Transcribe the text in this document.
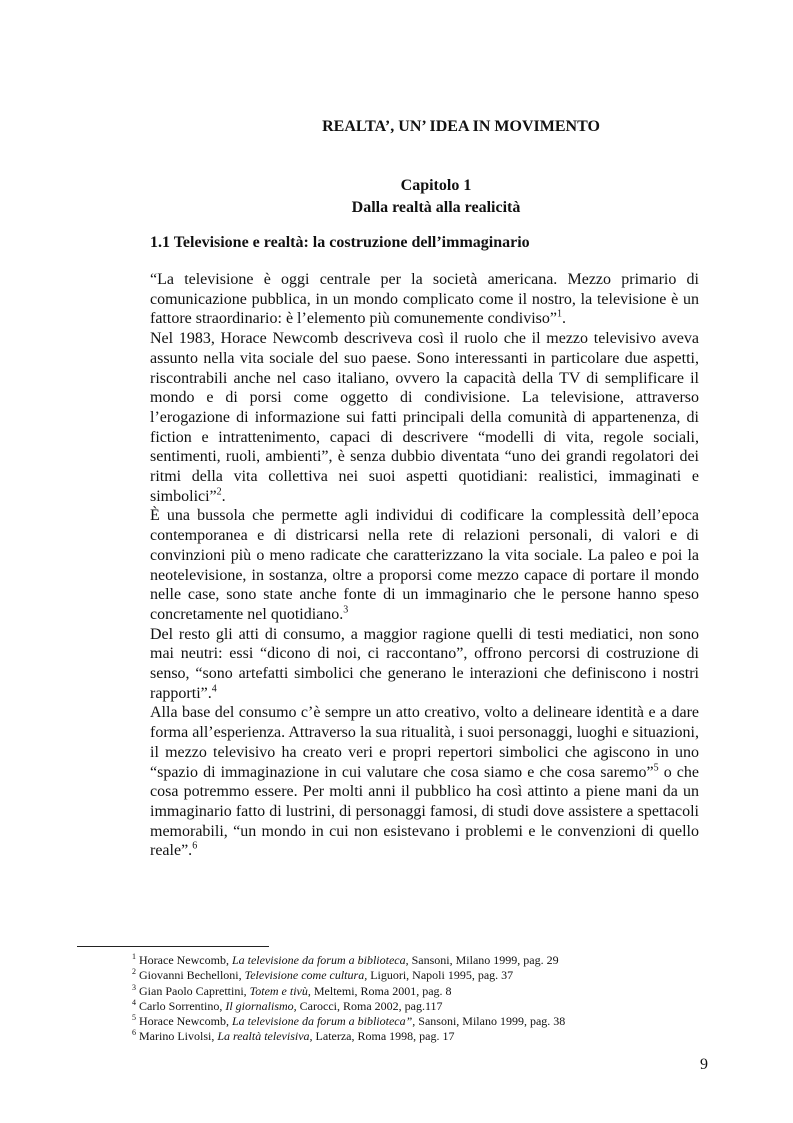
REALTA’, UN’ IDEA IN MOVIMENTO
Capitolo 1
Dalla realtà alla realicità
1.1 Televisione e realtà: la costruzione dell’immaginario

“La televisione è oggi centrale per la società americana. Mezzo primario di comunicazione pubblica, in un mondo complicato come il nostro, la televisione è un fattore straordinario: è l’elemento più comunemente condiviso”$^1$.

Nel 1983, Horace Newcomb descriveva così il ruolo che il mezzo televisivo aveva assunto nella vita sociale del suo paese. Sono interessanti in particolare due aspetti, riscontrabili anche nel caso italiano, ovvero la capacità della TV di semplificare il mondo e di porsi come oggetto di condivisione. La televisione, attraverso l’erogazione di informazione sui fatti principali della comunità di appartenenza, di fiction e intrattenimento, capaci di descrivere “modelli di vita, regole sociali, sentimenti, ruoli, ambienti”, è senza dubbio diventata “uno dei grandi regolatori dei ritmi della vita collettiva nei suoi aspetti quotidiani: realistici, immaginati e simbolici”$^2$.

È una bussola che permette agli individui di codificare la complessità dell’epoca contemporanea e di districarsi nella rete di relazioni personali, di valori e di convinzioni più o meno radicate che caratterizzano la vita sociale. La paleo e poi la neotelevisione, in sostanza, oltre a proporsi come mezzo capace di portare il mondo nelle case, sono state anche fonte di un immaginario che le persone hanno speso concretamente nel quotidiano.$^3$

Del resto gli atti di consumo, a maggior ragione quelli di testi mediatici, non sono mai neutri: essi “dicono di noi, ci raccontano”, offrono percorsi di costruzione di senso, “sono artefatti simbolici che generano le interazioni che definiscono i nostri rapporti”.$^4$

Alla base del consumo c’è sempre un atto creativo, volto a delineare identità e a dare forma all’esperienza. Attraverso la sua ritualità, i suoi personaggi, luoghi e situazioni, il mezzo televisivo ha creato veri e propri repertori simbolici che agiscono in uno “spazio di immaginazione in cui valutare che cosa siamo e che cosa saremo”$^5$ o che cosa potremmo essere. Per molti anni il pubblico ha così attinto a piene mani da un immaginario fatto di lustrini, di personaggi famosi, di studi dove assistere a spettacoli memorabili, “un mondo in cui non esistevano i problemi e le convenzioni di quello reale”.$^6$

$^1$ Horace Newcomb, La televisione da forum a biblioteca, Sansoni, Milano 1999, pag. 29
$^2$ Giovanni Bechelloni, Televisione come cultura, Liguori, Napoli 1995, pag. 37
$^3$ Gian Paolo Caprettini, Totem e tivù, Meltemi, Roma 2001, pag. 8
$^4$ Carlo Sorrentino, Il giornalismo, Carocci, Roma 2002, pag.117
$^5$ Horace Newcomb, La televisione da forum a biblioteca”, Sansoni, Milano 1999, pag. 38
$^6$ Marino Livolsi, La realtà televisiva, Laterza, Roma 1998, pag. 17
9
